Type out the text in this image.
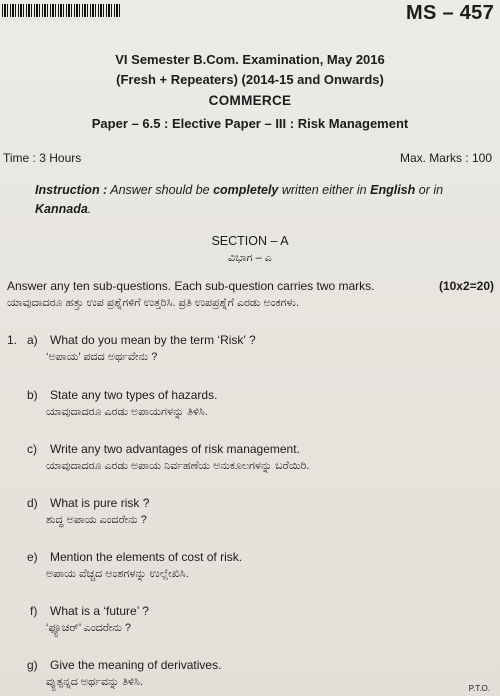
MS – 457
VI Semester B.Com. Examination, May 2016
(Fresh + Repeaters) (2014-15 and Onwards)
COMMERCE
Paper – 6.5 : Elective Paper – III : Risk Management
Time : 3 Hours	Max. Marks : 100
Instruction : Answer should be completely written either in English or in
Kannada.
SECTION – A
ವಿಭಾಗ – ಎ
Answer any ten sub-questions. Each sub-question carries two marks.	(10x2=20)
ಯಾವುದಾದರೂ ಹತ್ತು ಉಪ ಪ್ರಶ್ನೆಗಳಿಗೆ ಉತ್ತರಿಸಿ. ಪ್ರತಿ ಉಪಪ್ರಶ್ನೆಗೆ ಎರಡು ಅಂಕಗಳು.
1. a) What do you mean by the term ‘Risk’ ?
‘ಅಪಾಯ’ ಪದದ ಅರ್ಥವೇನು ?
b) State any two types of hazards.
ಯಾವುದಾದರೂ ಎರಡು ಅಪಾಯಗಳನ್ನು ತಿಳಿಸಿ.
c) Write any two advantages of risk management.
ಯಾವುದಾದರೂ ಎರಡು ಅಪಾಯ ನಿರ್ವಹಣೆಯ ಅನುಕೂಲಗಳನ್ನು ಬರೆಯಿರಿ.
d) What is pure risk ?
ಶುದ್ಧ ಅಪಾಯ ಎಂದರೇನು ?
e) Mention the elements of cost of risk.
ಅಪಾಯ ವೆಚ್ಚದ ಅಂಶಗಳನ್ನು ಉಲ್ಲೇಖಿಸಿ.
f) What is a ‘future’ ?
‘ಫ್ಯೂಚರ್’ ಎಂದರೇನು ?
g) Give the meaning of derivatives.
ವ್ಯುತ್ಪನ್ನದ ಅರ್ಥವನ್ನು ತಿಳಿಸಿ.
P.T.O.
